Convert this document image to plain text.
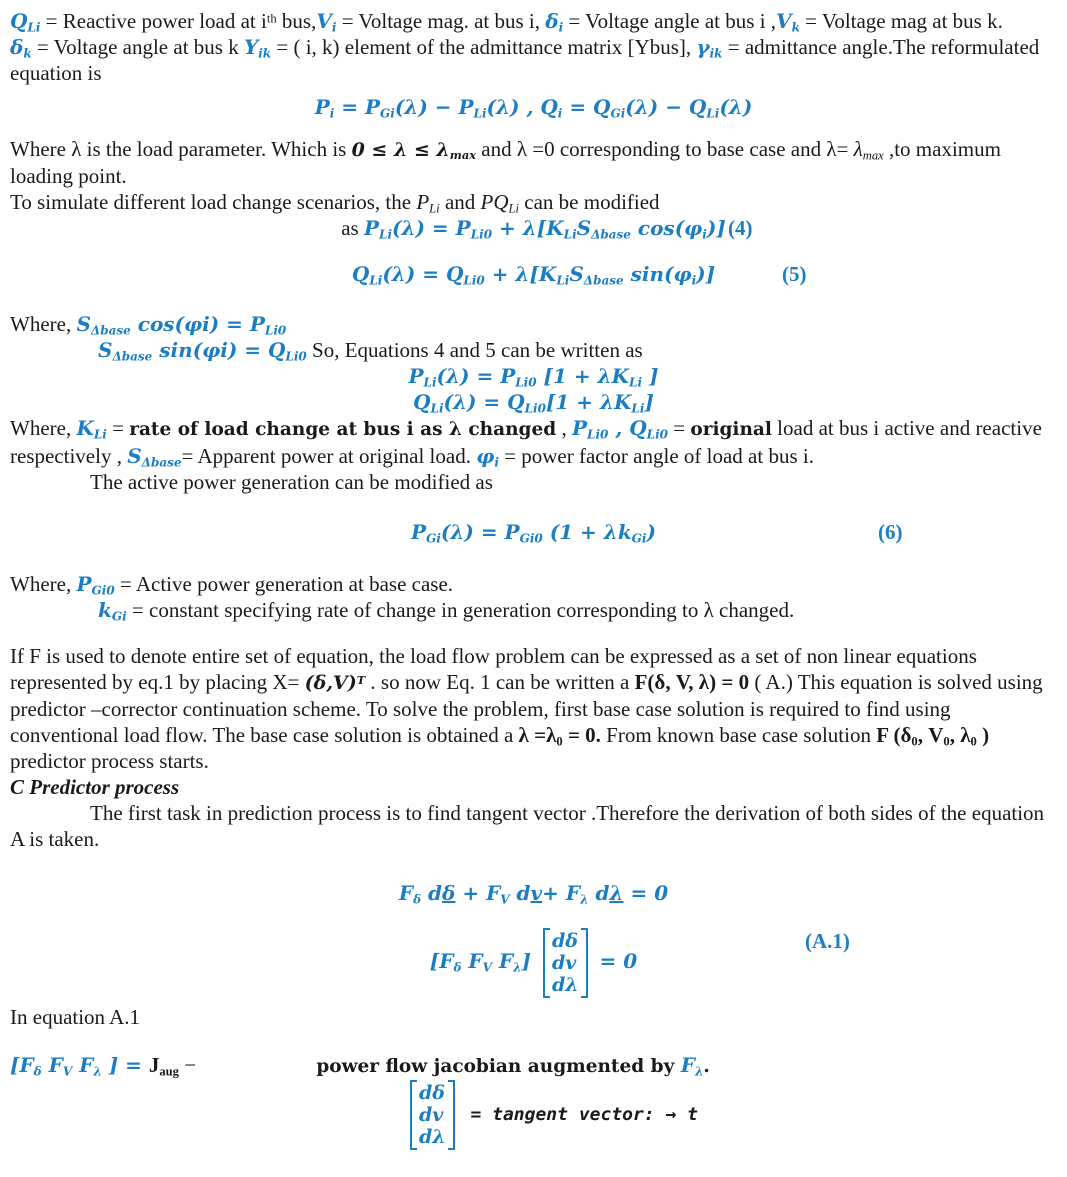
$Q_{Li}$ = Reactive power load at $i^{th}$ $bus,V_i$ = Voltage mag. at bus i, $\delta_i$ = Voltage angle at bus i $,V_k$ = Voltage mag at bus k.
$\delta_k$ = Voltage angle at bus k $Y_{ik}$ = ( i, k) element of the admittance matrix [Ybus], $\gamma_{ik}$ = admittance angle.The reformulated equation is
$P_i = P_{Gi}(\lambda) - P_{Li}(\lambda)$ , $Q_i = Q_{Gi}(\lambda) - Q_{Li}(\lambda)$
Where λ is the load parameter. Which is $0 \le \lambda \le \lambda_{max}$ and λ =0 corresponding to base case and $\lambda= \lambda_{max}$ ,to maximum loading point.
To simulate different load change scenarios, the $P_{Li}$ and $PQ_{Li}$ can be modified
as $P_{Li}(\lambda) = P_{Li0} + \lambda[K_{Li}S_{\Delta base}$ $\cos(\varphi_i)$] (4)
$Q_{Li}(\lambda) = Q_{Li0} + \lambda[K_{Li}S_{\Delta base}$ $\sin(\varphi_i)$]	(5)
Where, $S_{\Delta base}$ $\cos(\varphi i) = P_{Li0}$
$S_{\Delta base}$ $\sin(\varphi i) = Q_{Li0}$ So, Equations 4 and 5 can be written as
$P_{Li}(\lambda) = P_{Li0}$ [$1 + \lambda K_{Li}$ ]
$Q_{Li}(\lambda) = Q_{Li0}[1 + \lambda K_{Li}]$
Where, $K_{Li}$ = rate of load change at bus i as λ changed , $P_{Li0}$ , $Q_{Li0}$ = original load at bus i active and reactive respectively , $S_{\Delta base}=$ Apparent power at original load. $\varphi_i$ = power factor angle of load at bus i.
The active power generation can be modified as
$P_{Gi}(\lambda) = P_{Gi0}$ $(1 + \lambda k_{Gi})$	(6)
Where, $P_{Gi0}$ = Active power generation at base case.
$k_{Gi}$ = constant specifying rate of change in generation corresponding to λ changed.
If F is used to denote entire set of equation, the load flow problem can be expressed as a set of non linear equations represented by eq.1 by placing $X= (\delta,V)^T$ . so now Eq. 1 can be written a F(δ, V, λ) = 0 ( A.) This equation is solved using predictor –corrector continuation scheme. To solve the problem, first base case solution is required to find using conventional load flow. The base case solution is obtained a $\lambda =\lambda_0 = 0$. From known base case solution F ($\delta_0$, $V_0$, $\lambda_0$ ) predictor process starts.
C Predictor process
The first task in prediction process is to find tangent vector .Therefore the derivation of both sides of the equation A is taken.
$F_\delta$ $d\delta + F_V$ $dv+ F_\lambda$ dλ = 0
[$F_\delta$ $F_V$ $F_\lambda$]
dδ
dv
dλ
= 0
(A.1)
In equation A.1
[$F_\delta$ $F_V$ $F_\lambda$ ] = $J_{aug}$ −	power flow jacobian augmented by $F_\lambda$.
dδ
dv
dλ
= tangent vector: → t
